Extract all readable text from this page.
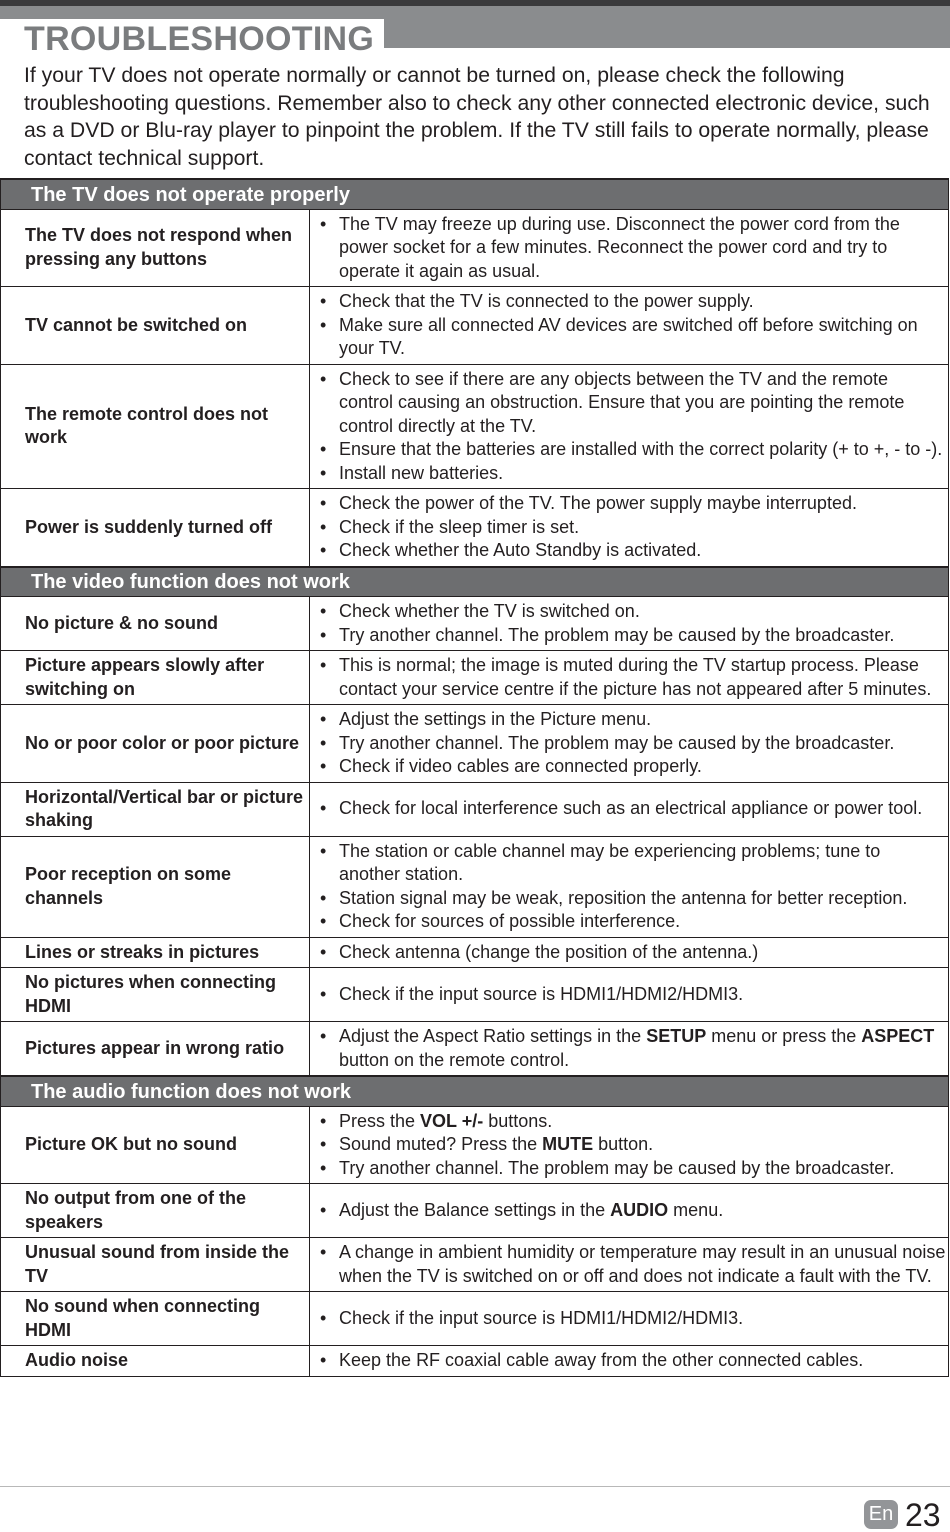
TROUBLESHOOTING

If your TV does not operate normally or cannot be turned on, please check the following troubleshooting questions. Remember also to check any other connected electronic device, such as a DVD or Blu-ray player to pinpoint the problem. If the TV still fails to operate normally, please contact technical support.

The TV does not operate properly	
The TV does not respond when pressing any buttons	• The TV may freeze up during use. Disconnect the power cord from the power socket for a few minutes. Reconnect the power cord and try to operate it again as usual.

TV cannot be switched on	• Check that the TV is connected to the power supply.
• Make sure all connected AV devices are switched off before switching on your TV.

The remote control does not work	• Check to see if there are any objects between the TV and the remote control causing an obstruction. Ensure that you are pointing the remote control directly at the TV.
• Ensure that the batteries are installed with the correct polarity (+ to +, - to -).
• Install new batteries.

Power is suddenly turned off	• Check the power of the TV. The power supply maybe interrupted.
• Check if the sleep timer is set.
• Check whether the Auto Standby is activated.

The video function does not work	
No picture & no sound	• Check whether the TV is switched on.
• Try another channel. The problem may be caused by the broadcaster.

Picture appears slowly after switching on	• This is normal; the image is muted during the TV startup process. Please contact your service centre if the picture has not appeared after 5 minutes.

No or poor color or poor picture	• Adjust the settings in the Picture menu.
• Try another channel. The problem may be caused by the broadcaster.
• Check if video cables are connected properly.

Horizontal/Vertical bar or picture shaking	• Check for local interference such as an electrical appliance or power tool.

Poor reception on some channels	• The station or cable channel may be experiencing problems; tune to another station.
• Station signal may be weak, reposition the antenna for better reception.
• Check for sources of possible interference.

Lines or streaks in pictures	• Check antenna (change the position of the antenna.)

No pictures when connecting HDMI	• Check if the input source is HDMI1/HDMI2/HDMI3.

Pictures appear in wrong ratio	• Adjust the Aspect Ratio settings in the SETUP menu or press the ASPECT button on the remote control.

The audio function does not work	
Picture OK but no sound	• Press the VOL +/- buttons.
• Sound muted? Press the MUTE button.
• Try another channel. The problem may be caused by the broadcaster.

No output from one of the speakers	• Adjust the Balance settings in the AUDIO menu.

Unusual sound from inside the TV	• A change in ambient humidity or temperature may result in an unusual noise when the TV is switched on or off and does not indicate a fault with the TV.

No sound when connecting HDMI	• Check if the input source is HDMI1/HDMI2/HDMI3.

Audio noise	• Keep the RF coaxial cable away from the other connected cables.
En 23
